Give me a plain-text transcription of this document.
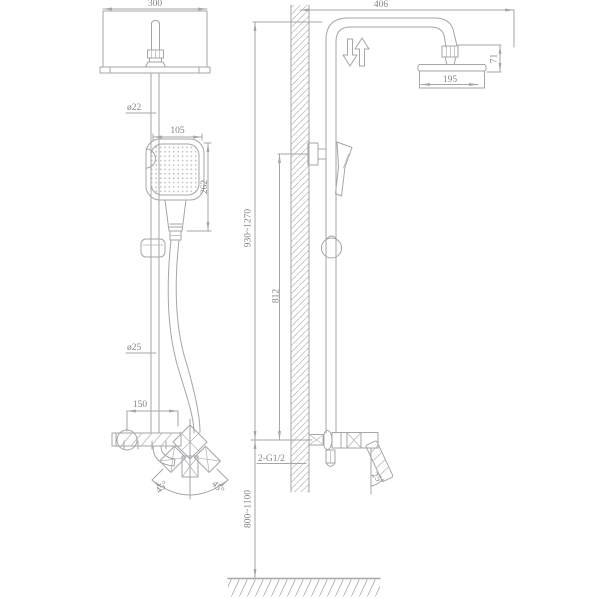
300
ø22
105
262
ø25
150
45°	45°
406
71
195
930~1270
812
2-G1/2
25°
800~1100
